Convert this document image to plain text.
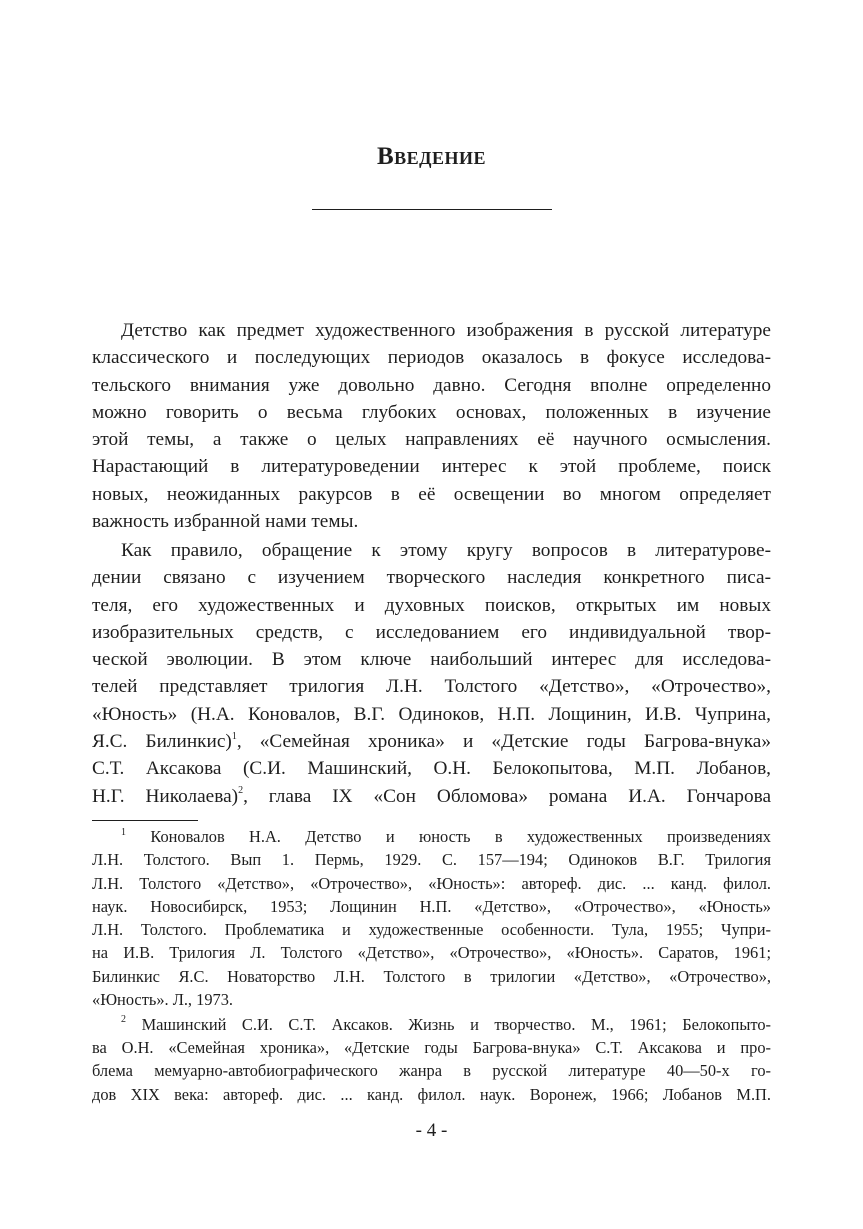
Введение
Детство как предмет художественного изображения в русской литературе
классического и последующих периодов оказалось в фокусе исследова-
тельского внимания уже довольно давно. Сегодня вполне определенно
можно говорить о весьма глубоких основах, положенных в изучение
этой темы, а также о целых направлениях её научного осмысления.
Нарастающий в литературоведении интерес к этой проблеме, поиск
новых, неожиданных ракурсов в её освещении во многом определяет
важность избранной нами темы.
Как правило, обращение к этому кругу вопросов в литературове-
дении связано с изучением творческого наследия конкретного писа-
теля, его художественных и духовных поисков, открытых им новых
изобразительных средств, с исследованием его индивидуальной твор-
ческой эволюции. В этом ключе наибольший интерес для исследова-
телей представляет трилогия Л.Н. Толстого «Детство», «Отрочество»,
«Юность» (Н.А. Коновалов, В.Г. Одиноков, Н.П. Лощинин, И.В. Чуприна,
Я.С. Билинкис)$^1$, «Семейная хроника» и «Детские годы Багрова-внука»
С.Т. Аксакова (С.И. Машинский, О.Н. Белокопытова, М.П. Лобанов,
Н.Г. Николаева)$^2$, глава IX «Сон Обломова» романа И.А. Гончарова
$^1$ Коновалов Н.А. Детство и юность в художественных произведениях
Л.Н. Толстого. Вып 1. Пермь, 1929. С. 157—194; Одиноков В.Г. Трилогия
Л.Н. Толстого «Детство», «Отрочество», «Юность»: автореф. дис. ... канд. филол.
наук. Новосибирск, 1953; Лощинин Н.П. «Детство», «Отрочество», «Юность»
Л.Н. Толстого. Проблематика и художественные особенности. Тула, 1955; Чупри-
на И.В. Трилогия Л. Толстого «Детство», «Отрочество», «Юность». Саратов, 1961;
Билинкис Я.С. Новаторство Л.Н. Толстого в трилогии «Детство», «Отрочество»,
«Юность». Л., 1973.
$^2$ Машинский С.И. С.Т. Аксаков. Жизнь и творчество. М., 1961; Белокопыто-
ва О.Н. «Семейная хроника», «Детские годы Багрова-внука» С.Т. Аксакова и про-
блема мемуарно-автобиографического жанра в русской литературе 40—50-х го-
дов XIX века: автореф. дис. ... канд. филол. наук. Воронеж, 1966; Лобанов М.П.
- 4 -
